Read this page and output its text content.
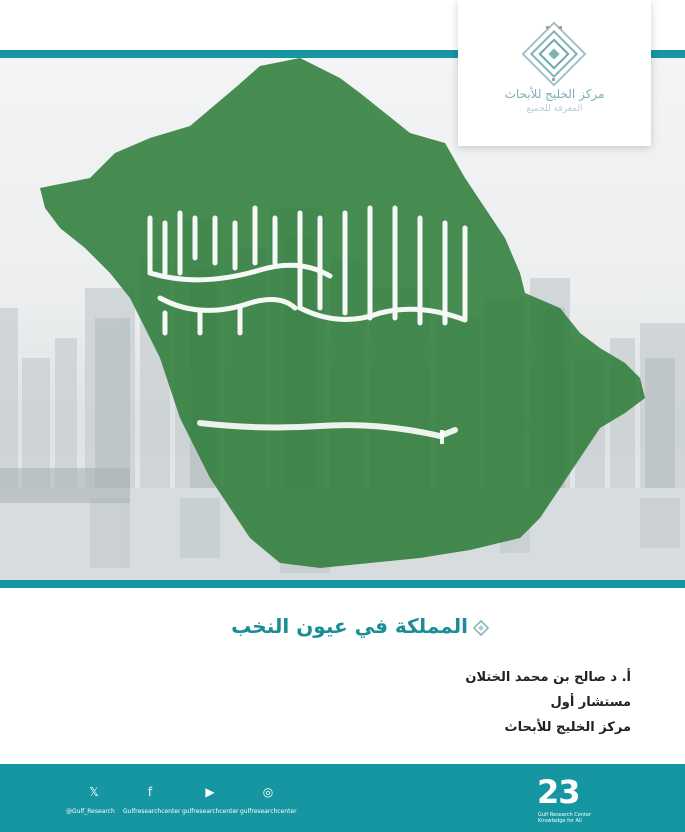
مركز الخليج للأبحاث
المعرفة للجميع
المملكة في عيون النخب
أ. د صالح بن محمد الختلان
مستشار أول
مركز الخليج للأبحاث
𝕏	f	▶	◎
@Gulf_Research Gulfresearchcenter gulfresearchcenter gulfresearchcenter
23
Gulf Research Center
Knowledge for All
